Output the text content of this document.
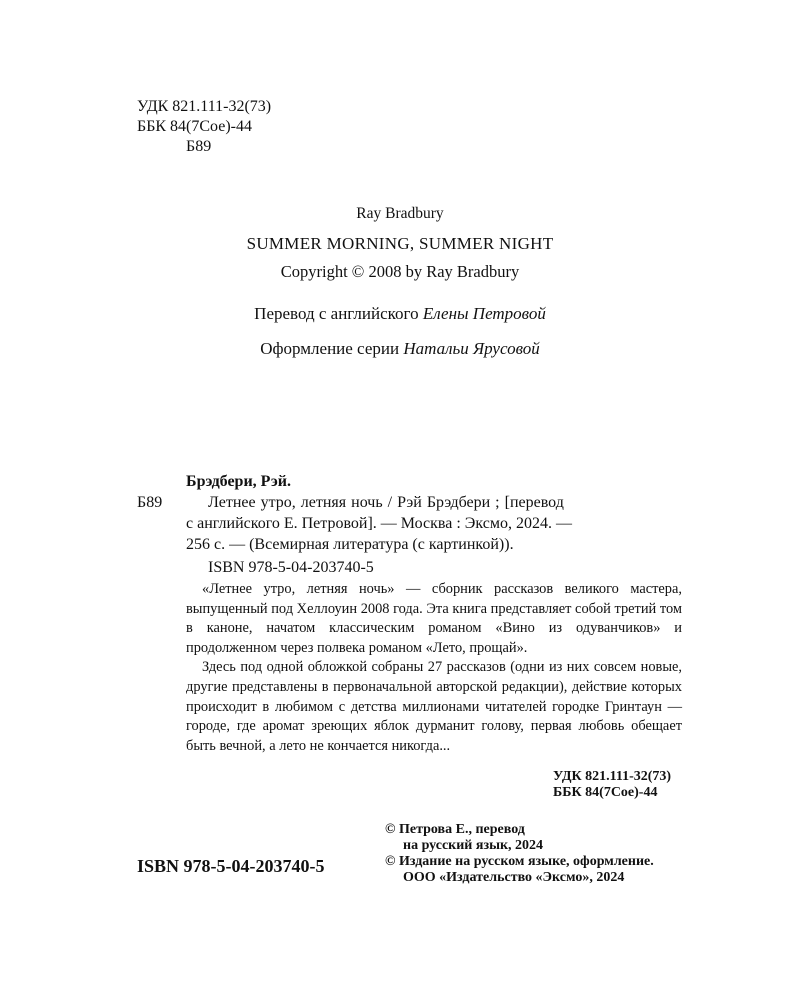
УДК 821.111-32(73)
ББК 84(7Сое)-44
Б89
Ray Bradbury
SUMMER MORNING, SUMMER NIGHT
Copyright © 2008 by Ray Bradbury
Перевод с английского Елены Петровой
Оформление серии Натальи Ярусовой
Брэдбери, Рэй.
Б89	Летнее утро, летняя ночь / Рэй Брэдбери ; [перевод
с английского Е. Петровой]. — Москва : Эксмо, 2024. —
256 с. — (Всемирная литература (с картинкой)).
ISBN 978-5-04-203740-5

«Летнее утро, летняя ночь» — сборник рассказов великого мастера, выпущенный под Хеллоуин 2008 года. Эта книга представляет собой третий том в каноне, начатом классическим романом «Вино из одуванчиков» и продолженном через полвека романом «Лето, прощай».

Здесь под одной обложкой собраны 27 рассказов (одни из них совсем новые, другие представлены в первоначальной авторской редакции), действие которых происходит в любимом с детства миллионами читателей городке Гринтаун — городе, где аромат зреющих яблок дурманит голову, первая любовь обещает быть вечной, а лето не кончается никогда...

УДК 821.111-32(73)
ББК 84(7Сое)-44
© Петрова Е., перевод
на русский язык, 2024
© Издание на русском языке, оформление.
ООО «Издательство «Эксмо», 2024
ISBN 978-5-04-203740-5
